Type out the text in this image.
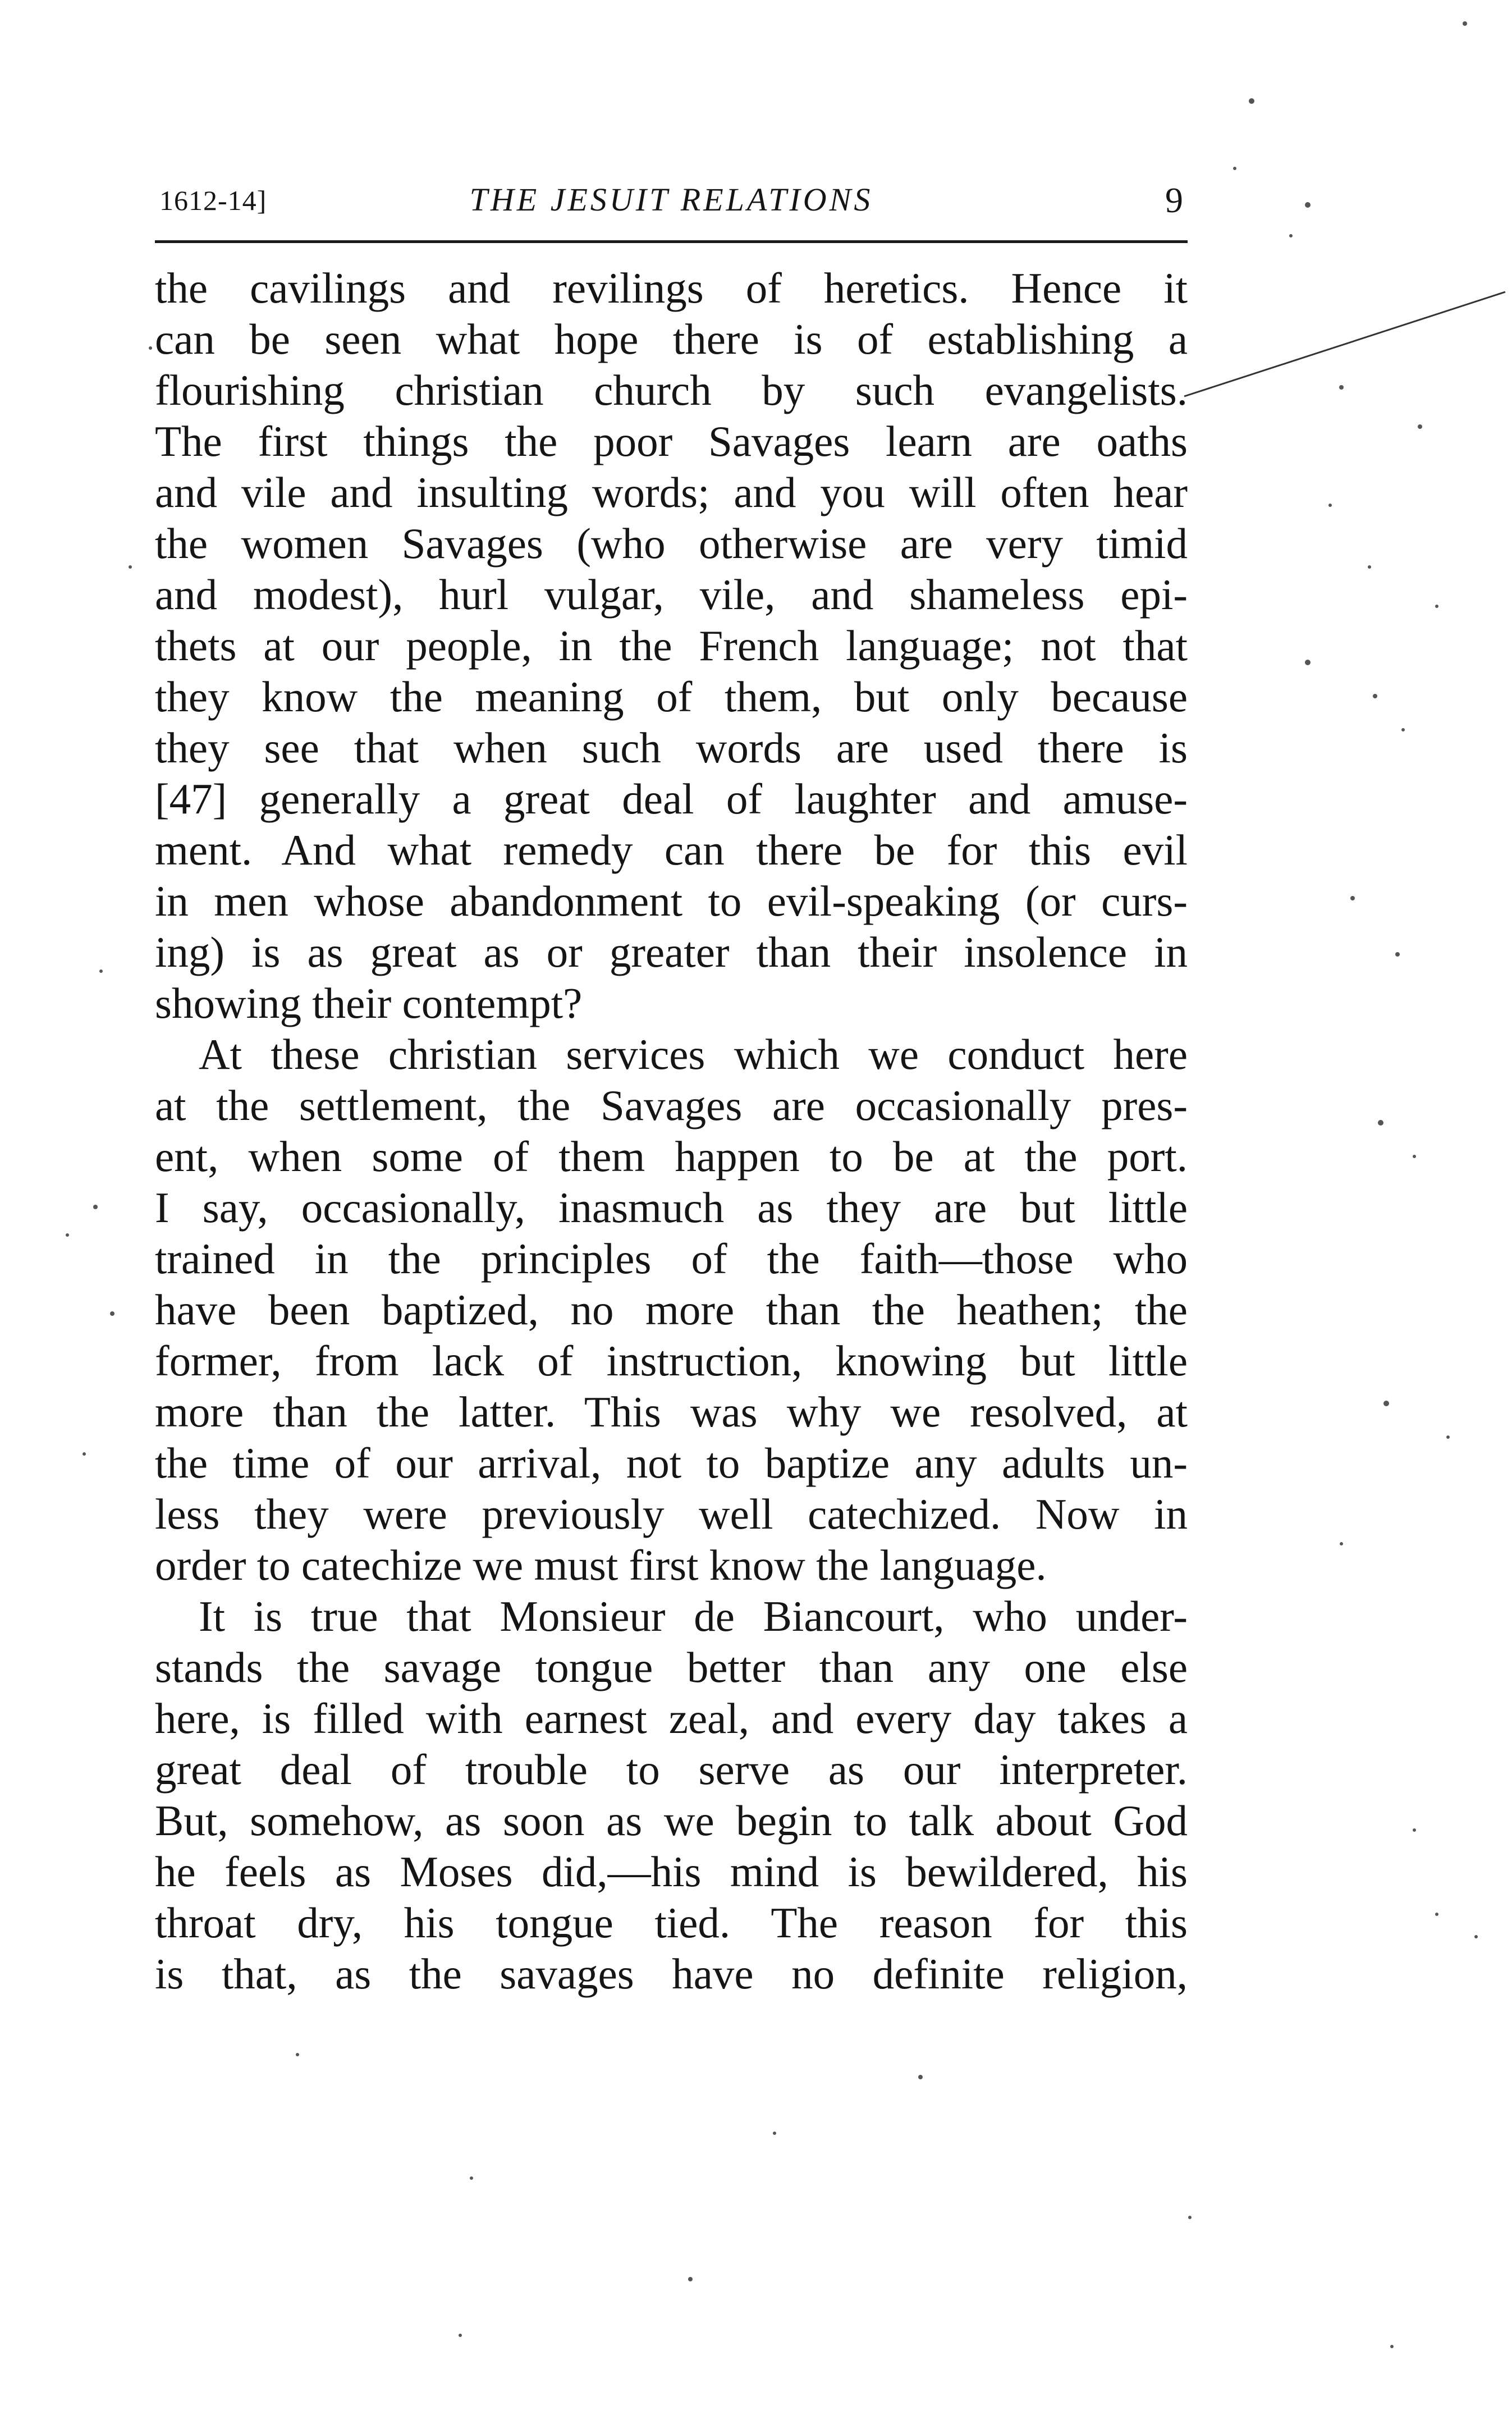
1612-14]	THE JESUIT RELATIONS	9
the cavilings and revilings of heretics. Hence it
can be seen what hope there is of establishing a
flourishing christian church by such evangelists.
The first things the poor Savages learn are oaths
and vile and insulting words; and you will often hear
the women Savages (who otherwise are very timid
and modest), hurl vulgar, vile, and shameless epi-
thets at our people, in the French language; not that
they know the meaning of them, but only because
they see that when such words are used there is
[47] generally a great deal of laughter and amuse-
ment. And what remedy can there be for this evil
in men whose abandonment to evil-speaking (or curs-
ing) is as great as or greater than their insolence in
showing their contempt?
At these christian services which we conduct here
at the settlement, the Savages are occasionally pres-
ent, when some of them happen to be at the port.
I say, occasionally, inasmuch as they are but little
trained in the principles of the faith—those who
have been baptized, no more than the heathen; the
former, from lack of instruction, knowing but little
more than the latter. This was why we resolved, at
the time of our arrival, not to baptize any adults un-
less they were previously well catechized. Now in
order to catechize we must first know the language.
It is true that Monsieur de Biancourt, who under-
stands the savage tongue better than any one else
here, is filled with earnest zeal, and every day takes a
great deal of trouble to serve as our interpreter.
But, somehow, as soon as we begin to talk about God
he feels as Moses did,—his mind is bewildered, his
throat dry, his tongue tied. The reason for this
is that, as the savages have no definite religion,
